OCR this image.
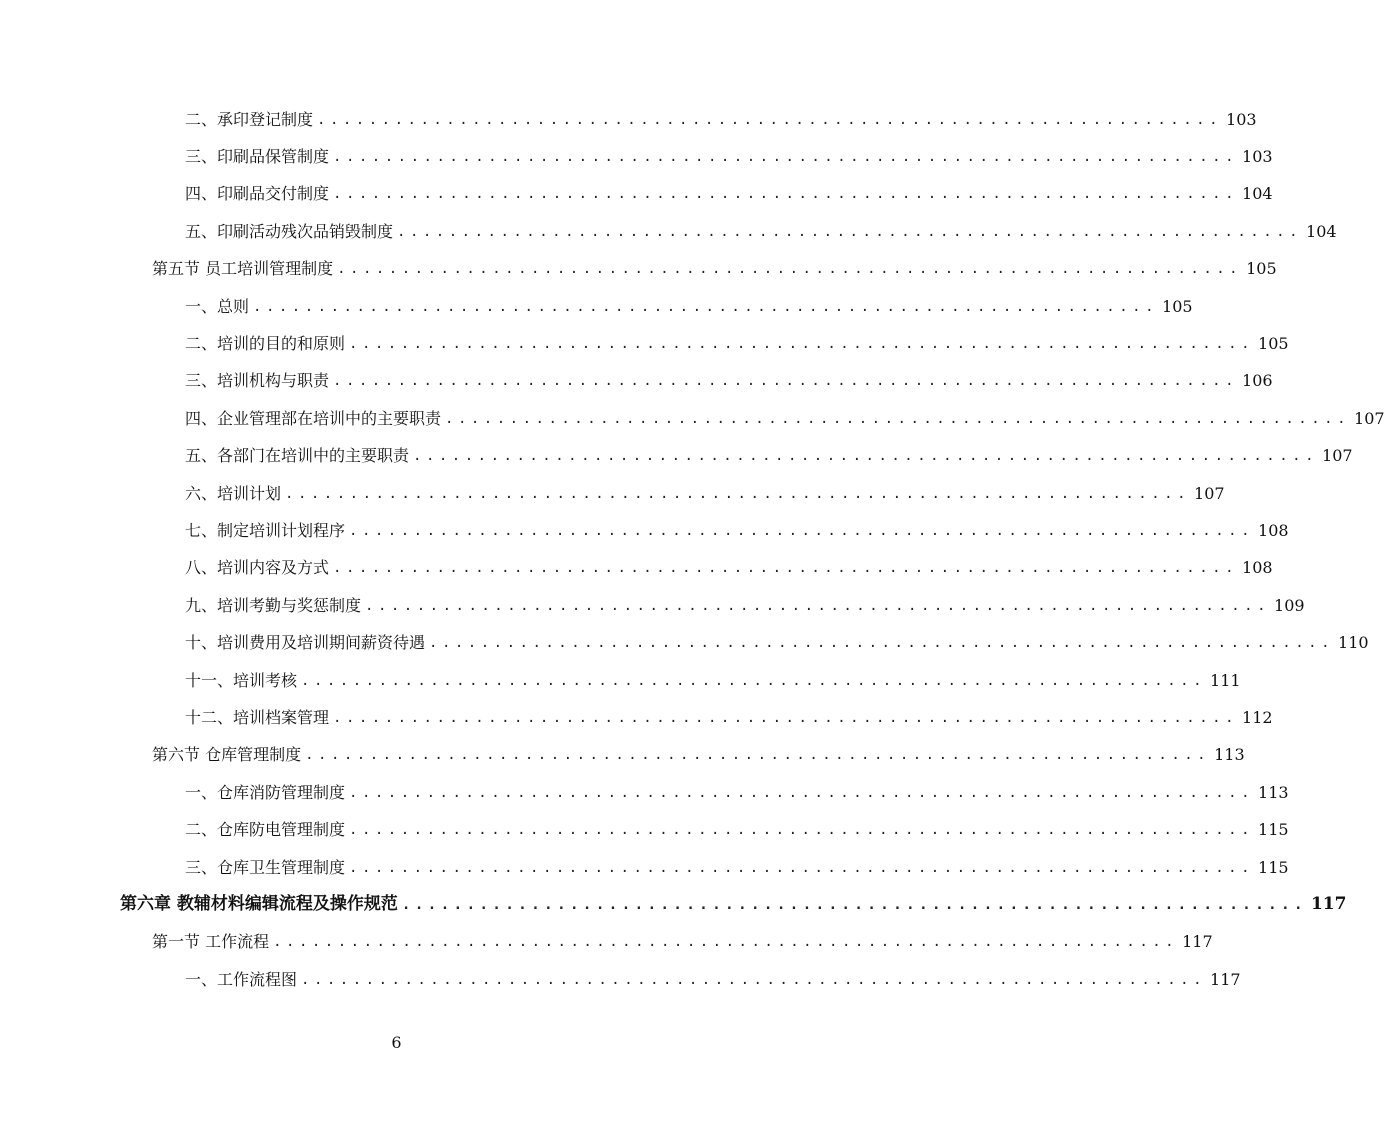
二、承印登记制度 ...................................................................... 103
三、印刷品保管制度 ...................................................................... 103
四、印刷品交付制度 ...................................................................... 104
五、印刷活动残次品销毁制度 ...................................................................... 104
第五节 员工培训管理制度 ...................................................................... 105
一、总则 ...................................................................... 105
二、培训的目的和原则 ...................................................................... 105
三、培训机构与职责 ...................................................................... 106
四、企业管理部在培训中的主要职责 ...................................................................... 107
五、各部门在培训中的主要职责 ...................................................................... 107
六、培训计划 ...................................................................... 107
七、制定培训计划程序 ...................................................................... 108
八、培训内容及方式 ...................................................................... 108
九、培训考勤与奖惩制度 ...................................................................... 109
十、培训费用及培训期间薪资待遇 ...................................................................... 110
十一、培训考核 ...................................................................... 111
十二、培训档案管理 ...................................................................... 112
第六节 仓库管理制度 ...................................................................... 113
一、仓库消防管理制度 ...................................................................... 113
二、仓库防电管理制度 ...................................................................... 115
三、仓库卫生管理制度 ...................................................................... 115
第六章 教辅材料编辑流程及操作规范 ...................................................................... 117
第一节 工作流程 ...................................................................... 117
一、工作流程图 ...................................................................... 117
6
